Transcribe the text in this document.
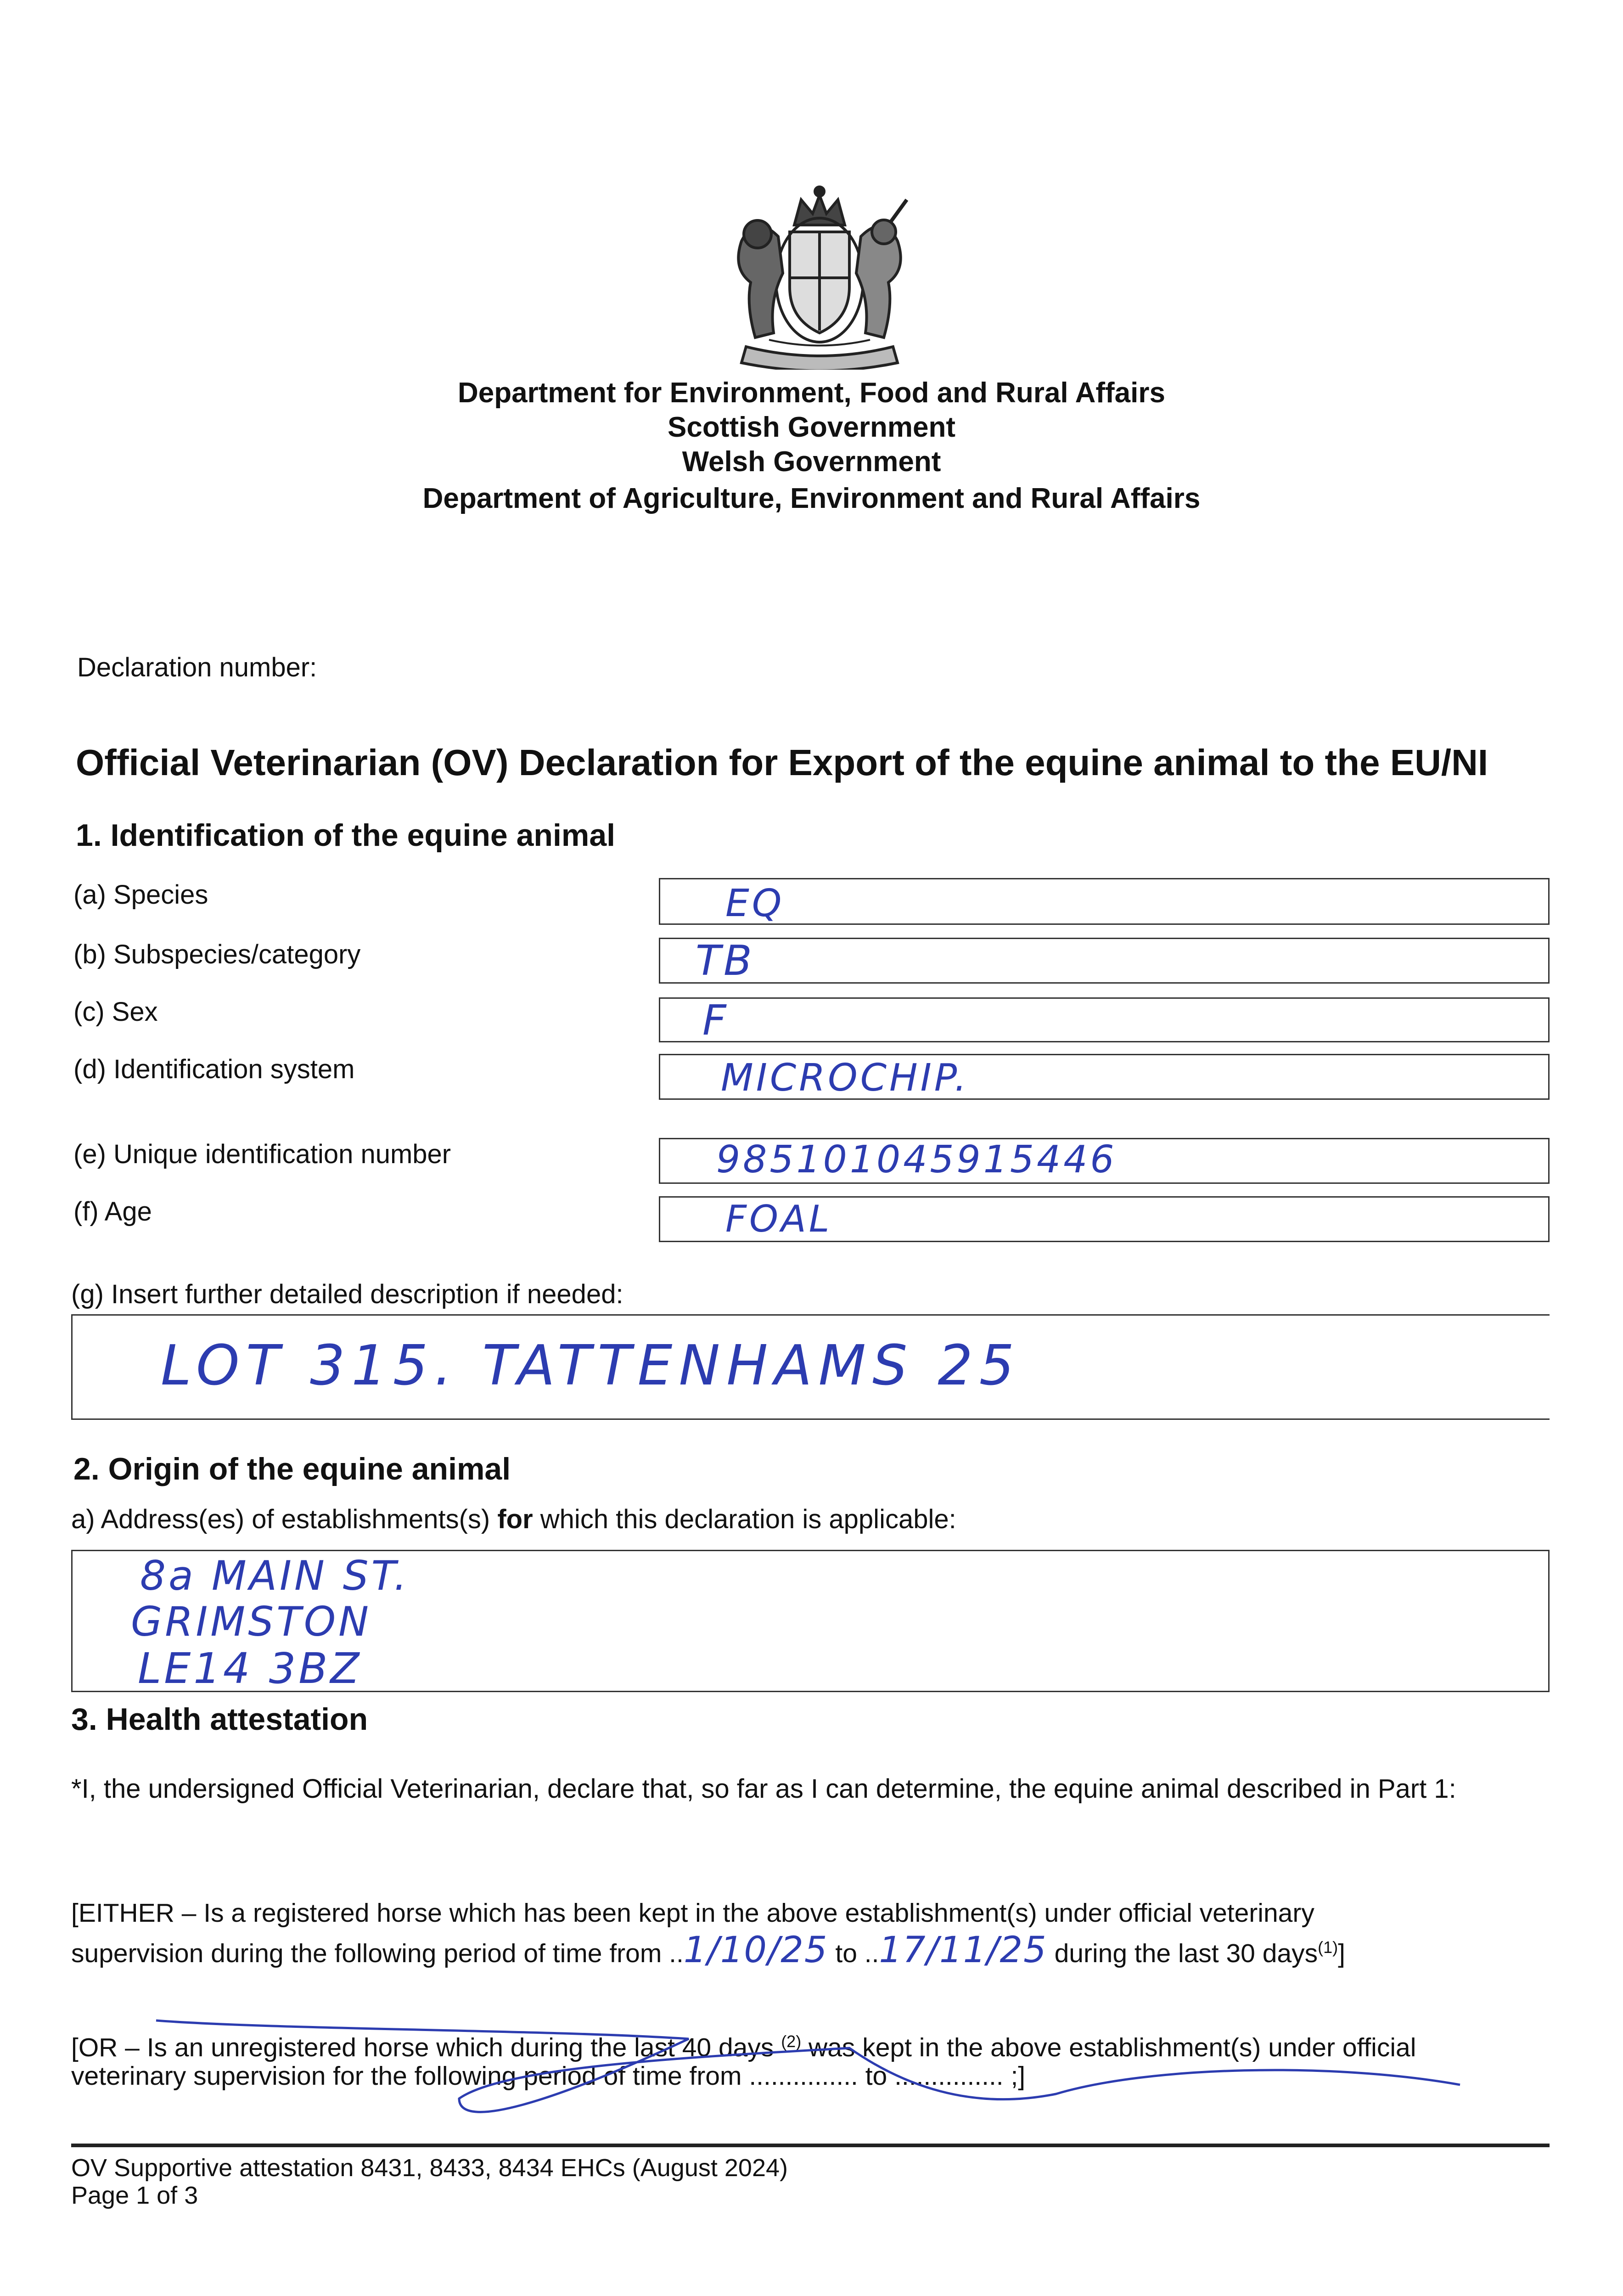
Department for Environment, Food and Rural Affairs
Scottish Government
Welsh Government
Department of Agriculture, Environment and Rural Affairs
Declaration number:
Official Veterinarian (OV) Declaration for Export of the equine animal to the EU/NI
1. Identification of the equine animal
(a) Species	EQ
(b) Subspecies/category	TB
(c) Sex	F
(d) Identification system	MICROCHIP.
(e) Unique identification number	985101045915446
(f) Age	FOAL
(g) Insert further detailed description if needed:
LOT 315. TATTENHAMS 25
2. Origin of the equine animal
a) Address(es) of establishments(s) for which this declaration is applicable:
8a MAIN ST.
GRIMSTON
LE14 3BZ
3. Health attestation
*I, the undersigned Official Veterinarian, declare that, so far as I can determine, the equine animal described in Part 1:
[EITHER – Is a registered horse which has been kept in the above establishment(s) under official veterinary
supervision during the following period of time from ..1/10/25 to ..17/11/25 during the last 30 days$^{(1)}$]
[OR – Is an unregistered horse which during the last 40 days $^{(2)}$ was kept in the above establishment(s) under official
veterinary supervision for the following period of time from ............... to ............... ;]
OV Supportive attestation 8431, 8433, 8434 EHCs (August 2024)
Page 1 of 3
